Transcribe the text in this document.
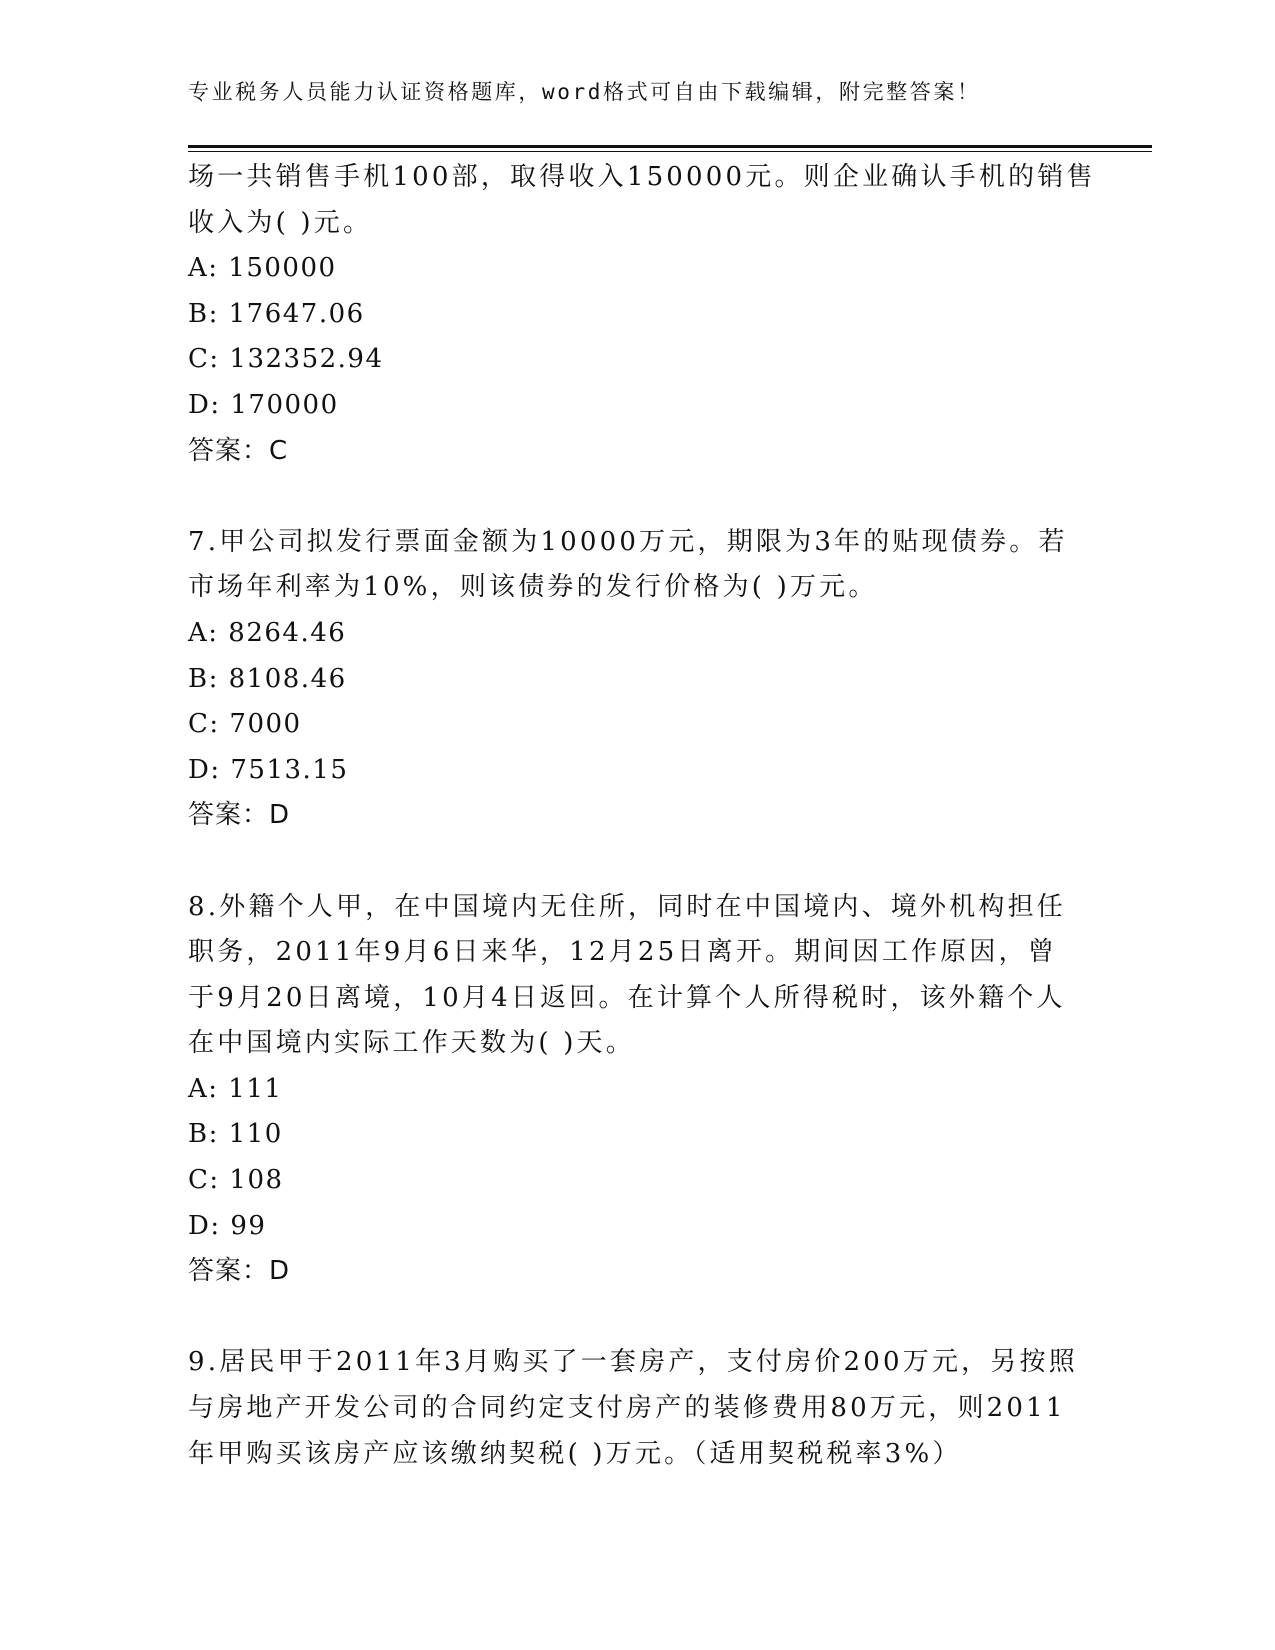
专业税务人员能力认证资格题库，word格式可自由下载编辑，附完整答案！
场一共销售手机100部，取得收入150000元。则企业确认手机的销售
收入为( )元。
A: 150000
B: 17647.06
C: 132352.94
D: 170000
答案：C
7.甲公司拟发行票面金额为10000万元，期限为3年的贴现债券。若
市场年利率为10%，则该债券的发行价格为( )万元。
A: 8264.46
B: 8108.46
C: 7000
D: 7513.15
答案：D
8.外籍个人甲，在中国境内无住所，同时在中国境内、境外机构担任
职务，2011年9月6日来华，12月25日离开。期间因工作原因，曾
于9月20日离境，10月4日返回。在计算个人所得税时，该外籍个人
在中国境内实际工作天数为( )天。
A: 111
B: 110
C: 108
D: 99
答案：D
9.居民甲于2011年3月购买了一套房产，支付房价200万元，另按照
与房地产开发公司的合同约定支付房产的装修费用80万元，则2011
年甲购买该房产应该缴纳契税( )万元。（适用契税税率3%）
